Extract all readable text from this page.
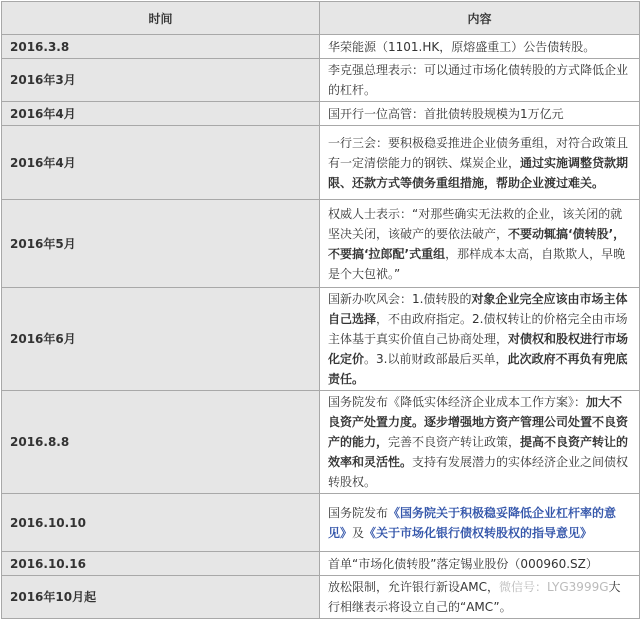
时间	内容
2016.3.8	华荣能源（1101.HK，原熔盛重工）公告债转股。
2016年3月	李克强总理表示：可以通过市场化债转股的方式降低企业的杠杆。
2016年4月	国开行一位高管：首批债转股规模为1万亿元
2016年4月	一行三会：要积极稳妥推进企业债务重组，对符合政策且有一定清偿能力的钢铁、煤炭企业，通过实施调整贷款期限、还款方式等债务重组措施，帮助企业渡过难关。
2016年5月	权威人士表示：“对那些确实无法救的企业，该关闭的就坚决关闭，该破产的要依法破产，不要动辄搞‘债转股’，不要搞‘拉郎配’式重组，那样成本太高，自欺欺人，早晚是个大包袱。”
2016年6月	国新办吹风会：1.债转股的对象企业完全应该由市场主体自己选择，不由政府指定。2.债权转让的价格完全由市场主体基于真实价值自己协商处理，对债权和股权进行市场化定价。3.以前财政部最后买单，此次政府不再负有兜底责任。
2016.8.8	国务院发布《降低实体经济企业成本工作方案》：加大不良资产处置力度。逐步增强地方资产管理公司处置不良资产的能力，完善不良资产转让政策，提高不良资产转让的效率和灵活性。支持有发展潜力的实体经济企业之间债权转股权。
2016.10.10	国务院发布《国务院关于积极稳妥降低企业杠杆率的意见》及《关于市场化银行债权转股权的指导意见》
2016.10.16	首单“市场化债转股”落定锡业股份（000960.SZ）
2016年10月起	放松限制，允许银行新设AMC，微信号：LYG3999G大行相继表示将设立自己的“AMC”。
